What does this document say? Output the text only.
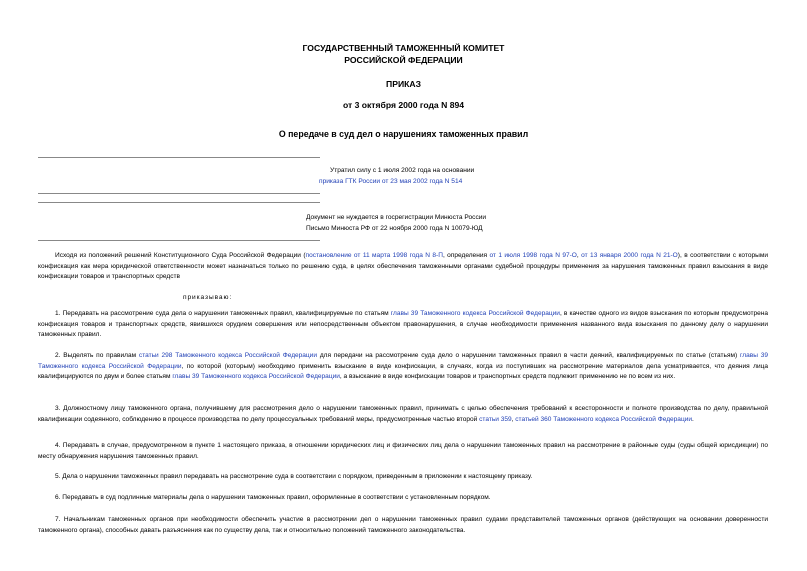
ГОСУДАРСТВЕННЫЙ ТАМОЖЕННЫЙ КОМИТЕТ
РОССИЙСКОЙ ФЕДЕРАЦИИ
ПРИКАЗ
от 3 октября 2000 года N 894
О передаче в суд дел о нарушениях таможенных правил
Утратил силу с 1 июля 2002 года на основании
приказа ГТК России от 23 мая 2002 года N 514
Документ не нуждается в госрегистрации Минюста России
Письмо Минюста РФ от 22 ноября 2000 года N 10079-ЮД
Исходя из положений решений Конституционного Суда Российской Федерации (постановление от 11 марта 1998 года N 8-П, определения от 1 июля 1998 года N 97-О, от 13 января 2000 года N 21-О), в соответствии с которыми конфискация как мера юридической ответственности может назначаться только по решению суда, в целях обеспечения таможенными органами судебной процедуры применения за нарушения таможенных правил взыскания в виде конфискации товаров и транспортных средств
приказываю:
1. Передавать на рассмотрение суда дела о нарушении таможенных правил, квалифицируемые по статьям главы 39 Таможенного кодекса Российской Федерации, в качестве одного из видов взыскания по которым предусмотрена конфискация товаров и транспортных средств, явившихся орудием совершения или непосредственным объектом правонарушения, в случае необходимости применения названного вида взыскания по данному делу о нарушении таможенных правил.
2. Выделять по правилам статьи 298 Таможенного кодекса Российской Федерации для передачи на рассмотрение суда дело о нарушении таможенных правил в части деяний, квалифицируемых по статье (статьям) главы 39 Таможенного кодекса Российской Федерации, по которой (которым) необходимо применить взыскание в виде конфискации, в случаях, когда из поступивших на рассмотрение материалов дела усматривается, что деяния лица квалифицируются по двум и более статьям главы 39 Таможенного кодекса Российской Федерации, а взыскание в виде конфискации товаров и транспортных средств подлежит применению не по всем из них.
3. Должностному лицу таможенного органа, получившему для рассмотрения дело о нарушении таможенных правил, принимать с целью обеспечения требований к всесторонности и полноте производства по делу, правильной квалификации содеянного, соблюдению в процессе производства по делу процессуальных требований меры, предусмотренные частью второй статьи 359, статьей 360 Таможенного кодекса Российской Федерации.
4. Передавать в случае, предусмотренном в пункте 1 настоящего приказа, в отношении юридических лиц и физических лиц дела о нарушении таможенных правил на рассмотрение в районные суды (суды общей юрисдикции) по месту обнаружения нарушения таможенных правил.
5. Дела о нарушении таможенных правил передавать на рассмотрение суда в соответствии с порядком, приведенным в приложении к настоящему приказу.
6. Передавать в суд подлинные материалы дела о нарушении таможенных правил, оформленные в соответствии с установленным порядком.
7. Начальникам таможенных органов при необходимости обеспечить участие в рассмотрении дел о нарушении таможенных правил судами представителей таможенных органов (действующих на основании доверенности таможенного органа), способных давать разъяснения как по существу дела, так и относительно положений таможенного законодательства.
